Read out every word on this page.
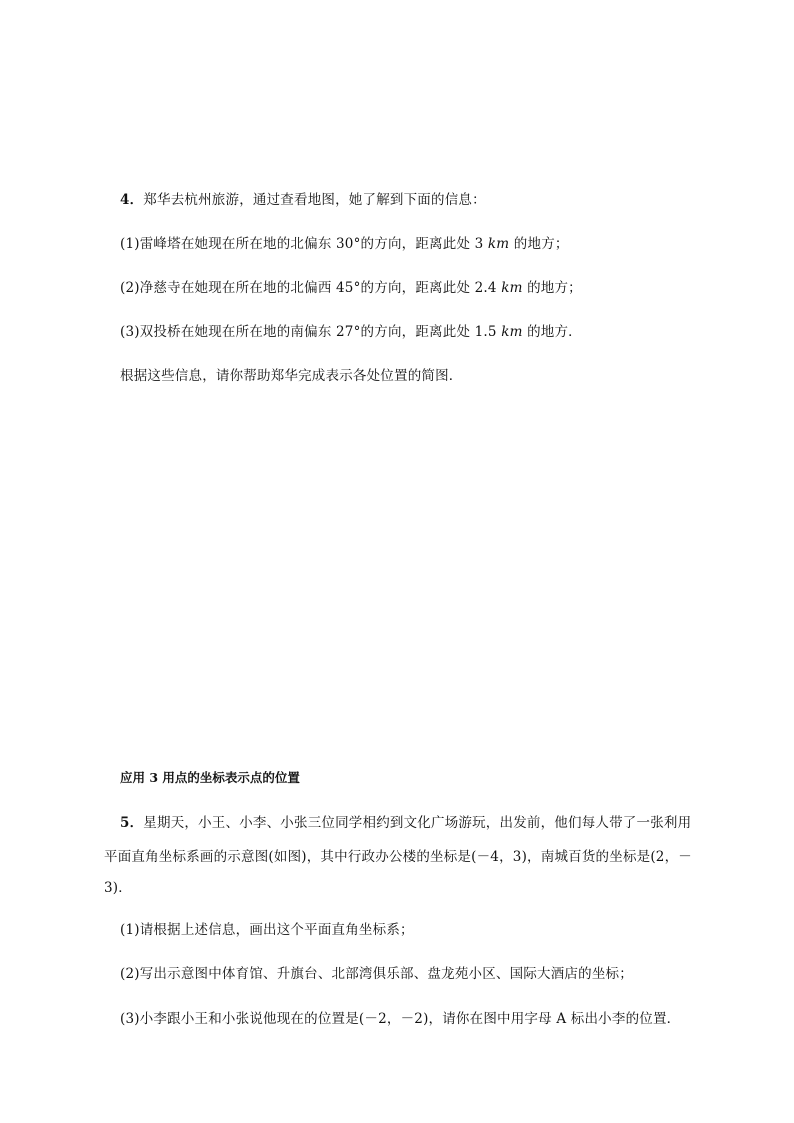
4．郑华去杭州旅游，通过查看地图，她了解到下面的信息：
(1)雷峰塔在她现在所在地的北偏东 30°的方向，距离此处 3 km 的地方；
(2)净慈寺在她现在所在地的北偏西 45°的方向，距离此处 2.4 km 的地方；
(3)双投桥在她现在所在地的南偏东 27°的方向，距离此处 1.5 km 的地方．
根据这些信息，请你帮助郑华完成表示各处位置的简图．
应用 3 用点的坐标表示点的位置
5．星期天，小王、小李、小张三位同学相约到文化广场游玩，出发前，他们每人带了一张利用
平面直角坐标系画的示意图(如图)，其中行政办公楼的坐标是(－4，3)，南城百货的坐标是(2，－
3)．
(1)请根据上述信息，画出这个平面直角坐标系；
(2)写出示意图中体育馆、升旗台、北部湾俱乐部、盘龙苑小区、国际大酒店的坐标；
(3)小李跟小王和小张说他现在的位置是(－2，－2)，请你在图中用字母 A 标出小李的位置．
